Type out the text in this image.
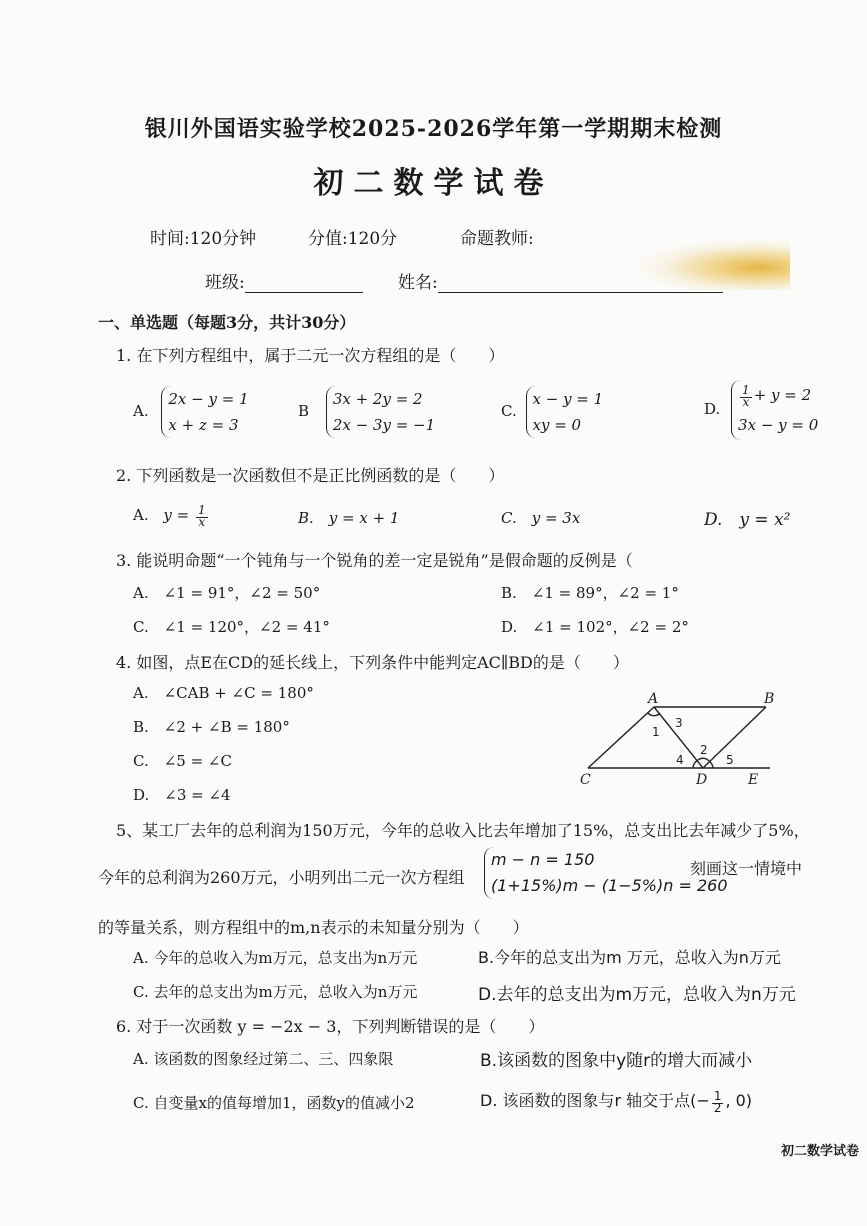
银川外国语实验学校2025-2026学年第一学期期末检测
初二数学试卷
时间:120分钟	分值:120分	命题教师:
班级:	姓名:
一、单选题（每题3分，共计30分）
1. 在下列方程组中，属于二元一次方程组的是（　　）
A. 2x − y = 1
x + z = 3
B 3x + 2y = 2
2x − 3y = −1
C. x − y = 1
xy = 0
D. $\frac{1}{x} + y = 2$
3x − y = 0
2. 下列函数是一次函数但不是正比例函数的是（　　）
A. $y = \frac{1}{x}$	B.　y = x + 1	C.　y = 3x	D.　y = x²
3. 能说明命题“一个钝角与一个锐角的差一定是锐角”是假命题的反例是（
A.　∠1 = 91°，∠2 = 50°	B.　∠1 = 89°，∠2 = 1°
C.　∠1 = 120°，∠2 = 41°	D.　∠1 = 102°，∠2 = 2°
4. 如图，点E在CD的延长线上，下列条件中能判定AC∥BD的是（　　）
A.　∠CAB + ∠C = 180°
B.　∠2 + ∠B = 180°
C.　∠5 = ∠C
D.　∠3 = ∠4
A	B
C	D	E
1
3
2
4	5
5、某工厂去年的总利润为150万元，今年的总收入比去年增加了15%，总支出比去年减少了5%，
今年的总利润为260万元，小明列出二元一次方程组
m − n = 150
(1+15%)m − (1−5%)n = 260
刻画这一情境中
的等量关系，则方程组中的m,n表示的未知量分别为（　　）
A. 今年的总收入为m万元，总支出为n万元	B.今年的总支出为m 万元，总收入为n万元
C. 去年的总支出为m万元，总收入为n万元	D.去年的总支出为m万元，总收入为n万元
6. 对于一次函数 y = −2x − 3，下列判断错误的是（　　）
A. 该函数的图象经过第二、三、四象限	B.该函数的图象中y随r的增大而减小
C. 自变量x的值每增加1，函数y的值减小2	D. 该函数的图象与r 轴交于点(− $\frac{1}{2}$ , 0)
初二数学试卷
